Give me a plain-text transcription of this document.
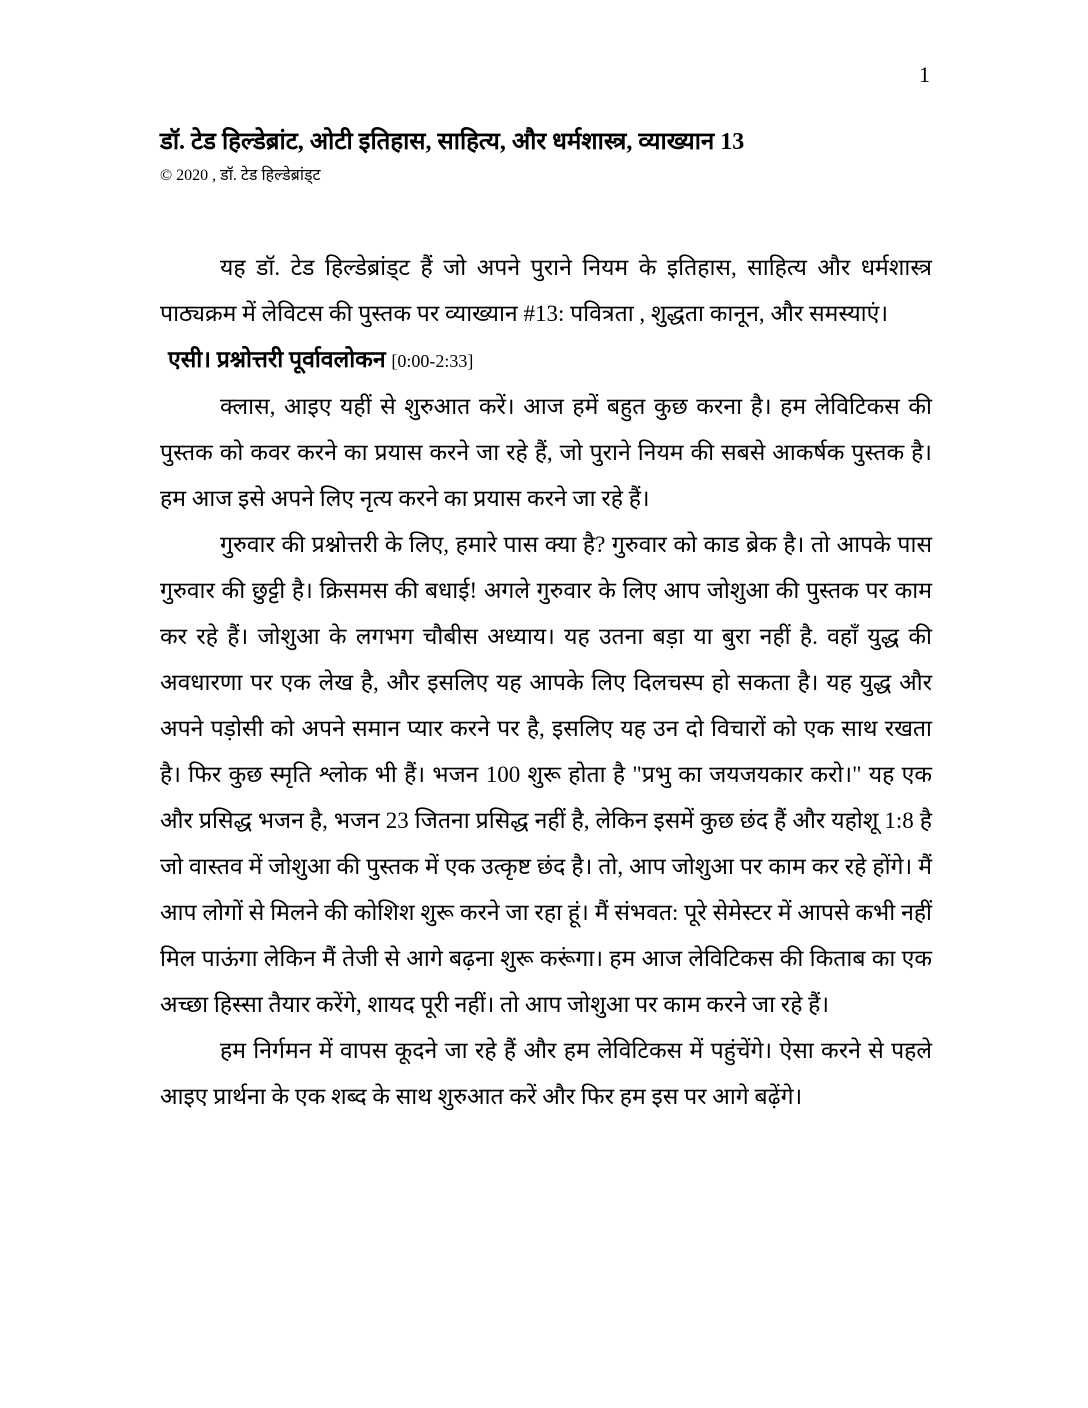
1
डॉ. टेड हिल्डेब्रांट, ओटी इतिहास, साहित्य, और धर्मशास्त्र, व्याख्यान 13
© 2020 , डॉ. टेड हिल्डेब्रांड्ट

यह डॉ. टेड हिल्डेब्रांड्ट हैं जो अपने पुराने नियम के इतिहास, साहित्य और धर्मशास्त्र पाठ्यक्रम में लेविटस की पुस्तक पर व्याख्यान #13: पवित्रता , शुद्धता कानून, और समस्याएं।

एसी। प्रश्नोत्तरी पूर्वावलोकन [0:00-2:33]

क्लास, आइए यहीं से शुरुआत करें। आज हमें बहुत कुछ करना है। हम लेविटिकस की पुस्तक को कवर करने का प्रयास करने जा रहे हैं, जो पुराने नियम की सबसे आकर्षक पुस्तक है। हम आज इसे अपने लिए नृत्य करने का प्रयास करने जा रहे हैं।

गुरुवार की प्रश्नोत्तरी के लिए, हमारे पास क्या है? गुरुवार को काड ब्रेक है। तो आपके पास गुरुवार की छुट्टी है। क्रिसमस की बधाई! अगले गुरुवार के लिए आप जोशुआ की पुस्तक पर काम कर रहे हैं। जोशुआ के लगभग चौबीस अध्याय। यह उतना बड़ा या बुरा नहीं है. वहाँ युद्ध की अवधारणा पर एक लेख है, और इसलिए यह आपके लिए दिलचस्प हो सकता है। यह युद्ध और अपने पड़ोसी को अपने समान प्यार करने पर है, इसलिए यह उन दो विचारों को एक साथ रखता है। फिर कुछ स्मृति श्लोक भी हैं। भजन 100 शुरू होता है "प्रभु का जयजयकार करो।" यह एक और प्रसिद्ध भजन है, भजन 23 जितना प्रसिद्ध नहीं है, लेकिन इसमें कुछ छंद हैं और यहोशू 1:8 है जो वास्तव में जोशुआ की पुस्तक में एक उत्कृष्ट छंद है। तो, आप जोशुआ पर काम कर रहे होंगे। मैं आप लोगों से मिलने की कोशिश शुरू करने जा रहा हूं। मैं संभवत: पूरे सेमेस्टर में आपसे कभी नहीं मिल पाऊंगा लेकिन मैं तेजी से आगे बढ़ना शुरू करूंगा। हम आज लेविटिकस की किताब का एक अच्छा हिस्सा तैयार करेंगे, शायद पूरी नहीं। तो आप जोशुआ पर काम करने जा रहे हैं।

हम निर्गमन में वापस कूदने जा रहे हैं और हम लेविटिकस में पहुंचेंगे। ऐसा करने से पहले आइए प्रार्थना के एक शब्द के साथ शुरुआत करें और फिर हम इस पर आगे बढ़ेंगे।
